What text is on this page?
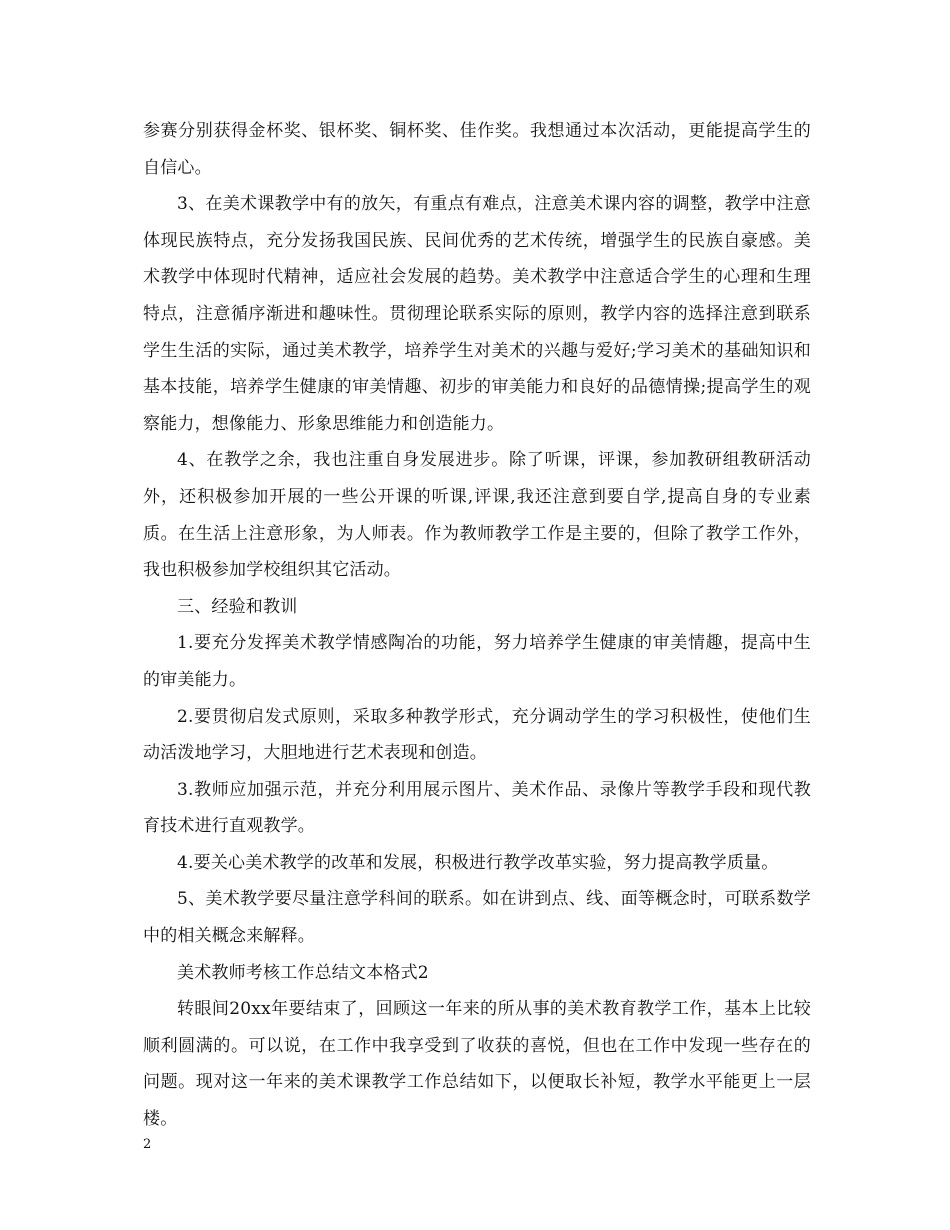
参赛分别获得金杯奖、银杯奖、铜杯奖、佳作奖。我想通过本次活动，更能提高学生的自信心。

3、在美术课教学中有的放矢，有重点有难点，注意美术课内容的调整，教学中注意体现民族特点，充分发扬我国民族、民间优秀的艺术传统，增强学生的民族自豪感。美术教学中体现时代精神，适应社会发展的趋势。美术教学中注意适合学生的心理和生理特点，注意循序渐进和趣味性。贯彻理论联系实际的原则，教学内容的选择注意到联系学生生活的实际，通过美术教学，培养学生对美术的兴趣与爱好;学习美术的基础知识和基本技能，培养学生健康的审美情趣、初步的审美能力和良好的品德情操;提高学生的观察能力，想像能力、形象思维能力和创造能力。

4、在教学之余，我也注重自身发展进步。除了听课，评课，参加教研组教研活动外，还积极参加开展的一些公开课的听课,评课,我还注意到要自学,提高自身的专业素质。在生活上注意形象，为人师表。作为教师教学工作是主要的，但除了教学工作外，我也积极参加学校组织其它活动。

三、经验和教训

1.要充分发挥美术教学情感陶冶的功能，努力培养学生健康的审美情趣，提高中生的审美能力。

2.要贯彻启发式原则，采取多种教学形式，充分调动学生的学习积极性，使他们生动活泼地学习，大胆地进行艺术表现和创造。

3.教师应加强示范，并充分利用展示图片、美术作品、录像片等教学手段和现代教育技术进行直观教学。

4.要关心美术教学的改革和发展，积极进行教学改革实验，努力提高教学质量。

5、美术教学要尽量注意学科间的联系。如在讲到点、线、面等概念时，可联系数学中的相关概念来解释。

美术教师考核工作总结文本格式2

转眼间20xx年要结束了，回顾这一年来的所从事的美术教育教学工作，基本上比较顺利圆满的。可以说，在工作中我享受到了收获的喜悦，但也在工作中发现一些存在的问题。现对这一年来的美术课教学工作总结如下，以便取长补短，教学水平能更上一层楼。

2
